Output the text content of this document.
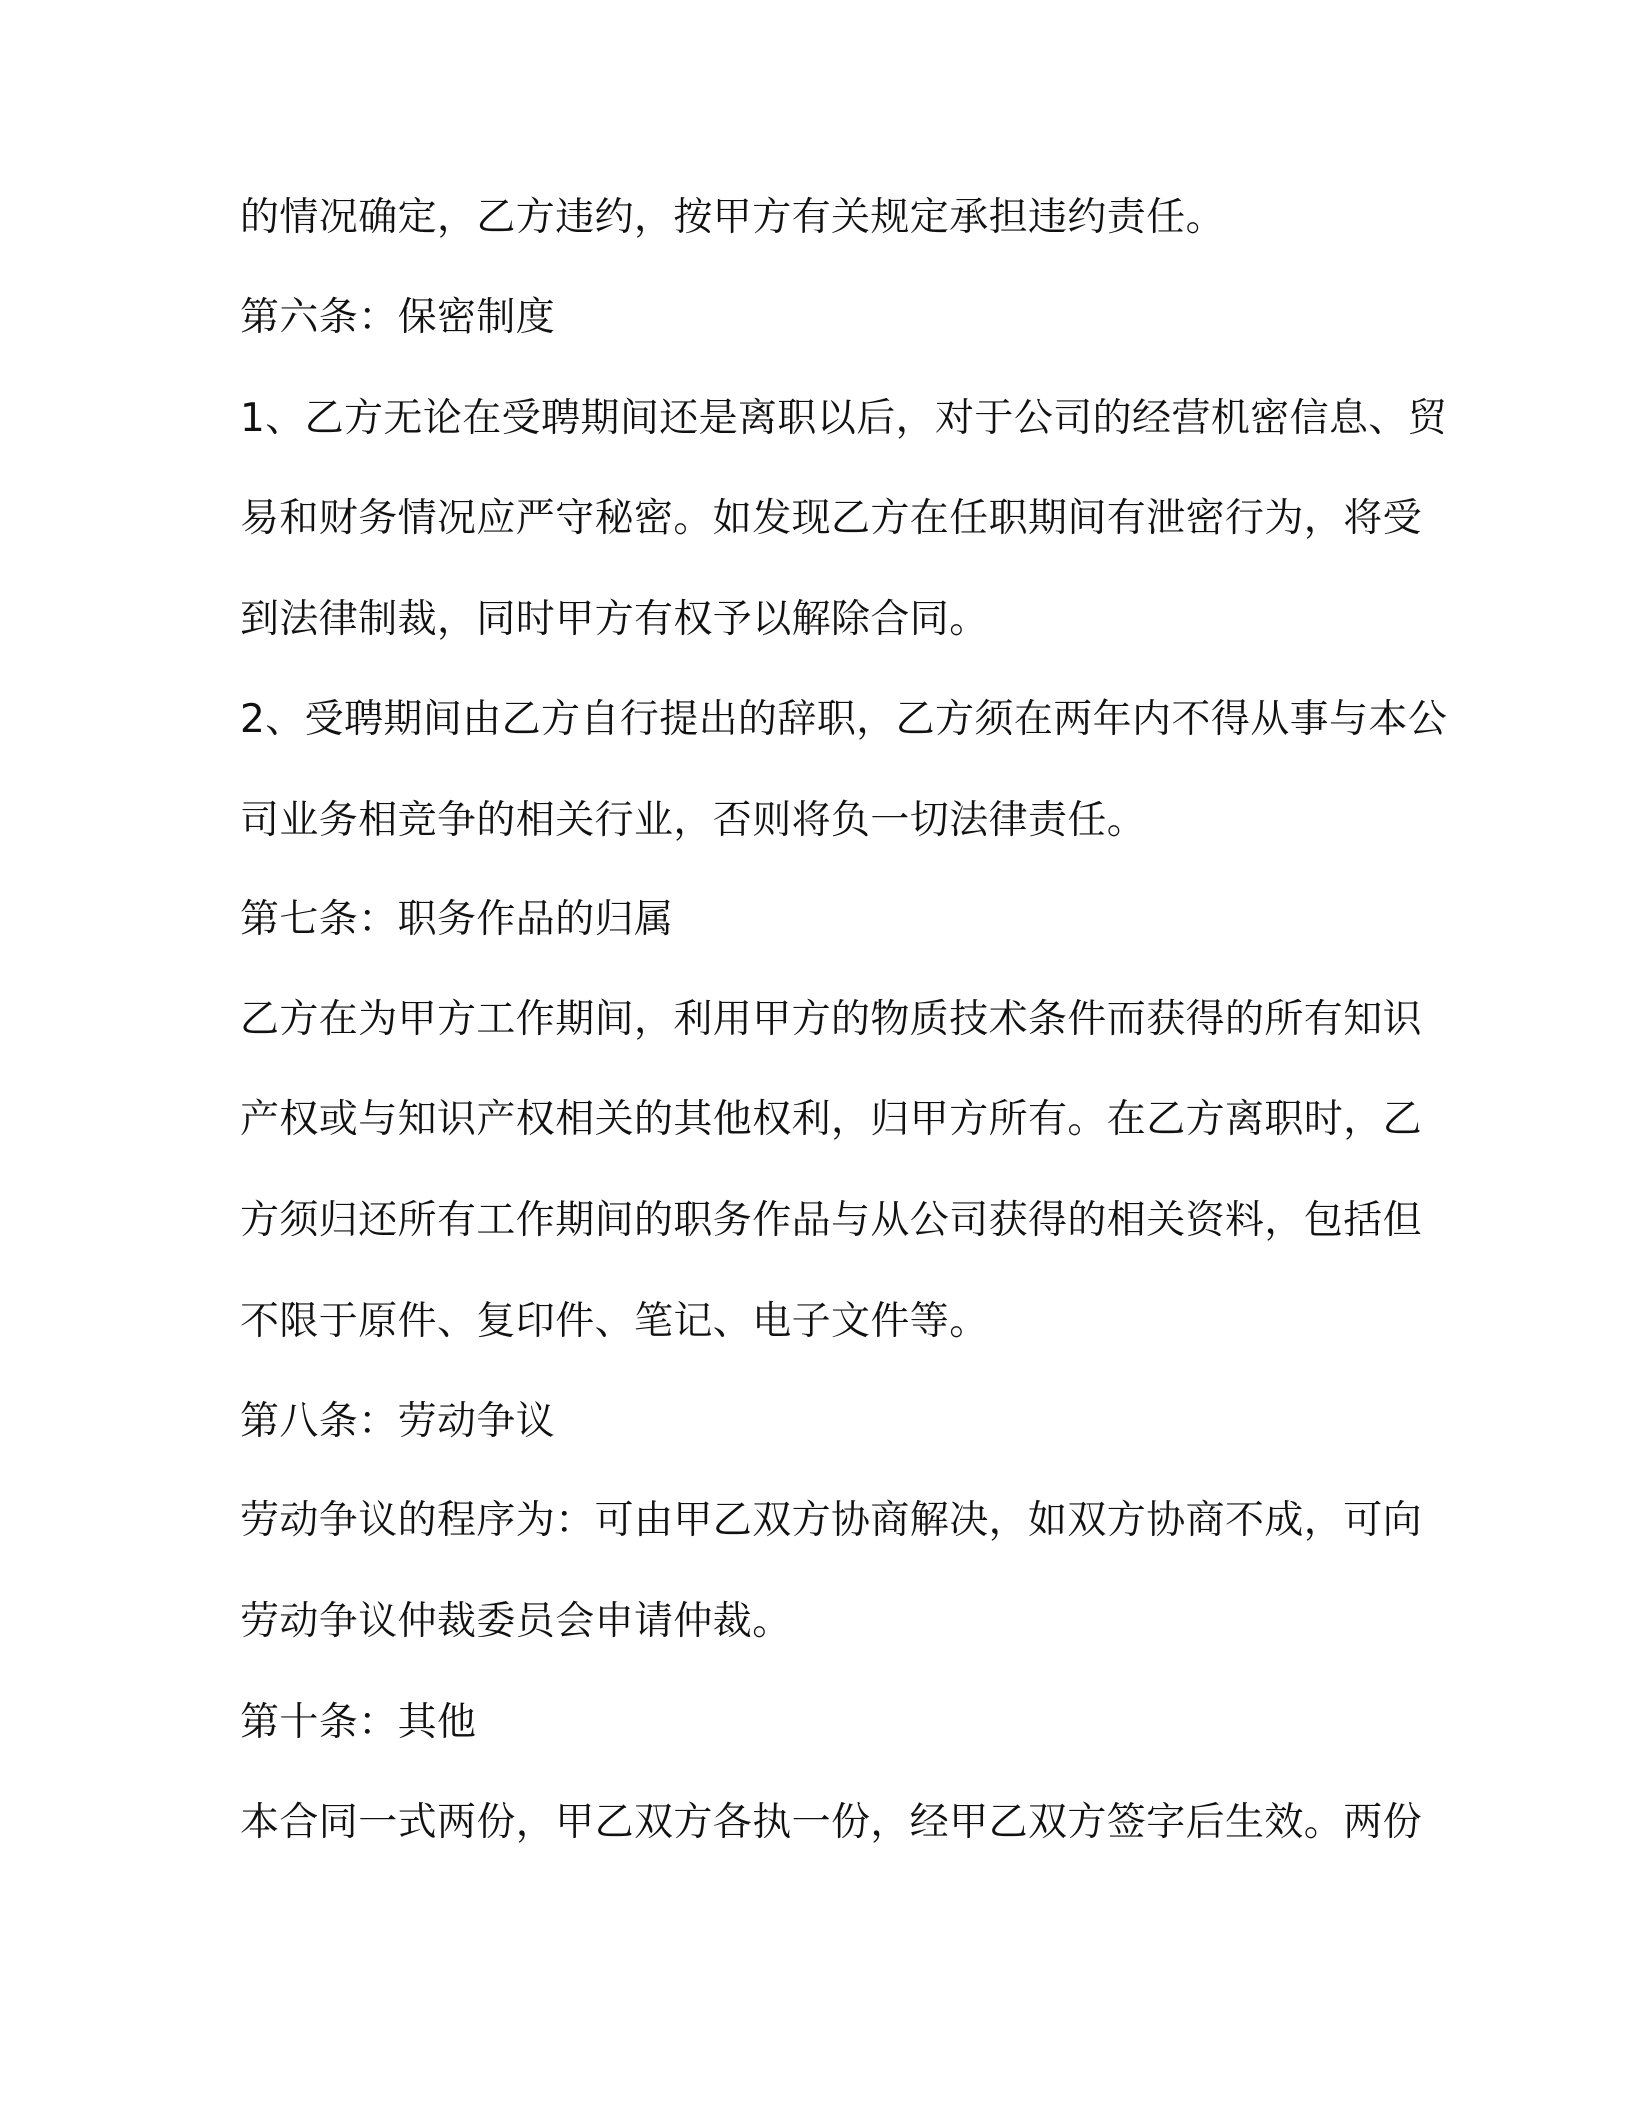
的情况确定，乙方违约，按甲方有关规定承担违约责任。

第六条：保密制度

1、乙方无论在受聘期间还是离职以后，对于公司的经营机密信息、贸

易和财务情况应严守秘密。如发现乙方在任职期间有泄密行为，将受

到法律制裁，同时甲方有权予以解除合同。

2、受聘期间由乙方自行提出的辞职，乙方须在两年内不得从事与本公

司业务相竞争的相关行业，否则将负一切法律责任。

第七条：职务作品的归属

乙方在为甲方工作期间，利用甲方的物质技术条件而获得的所有知识

产权或与知识产权相关的其他权利，归甲方所有。在乙方离职时，乙

方须归还所有工作期间的职务作品与从公司获得的相关资料，包括但

不限于原件、复印件、笔记、电子文件等。

第八条：劳动争议

劳动争议的程序为：可由甲乙双方协商解决，如双方协商不成，可向

劳动争议仲裁委员会申请仲裁。

第十条：其他

本合同一式两份，甲乙双方各执一份，经甲乙双方签字后生效。两份
